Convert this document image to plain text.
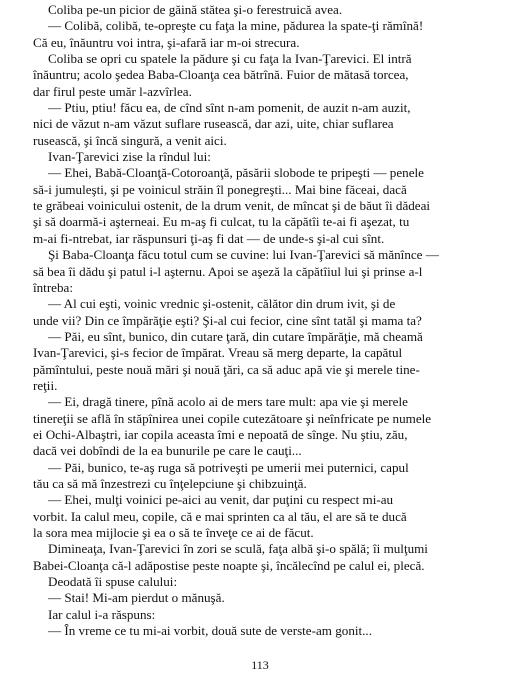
Coliba pe-un picior de găină stătea şi-o ferestruică avea.

— Colibă, colibă, te-opreşte cu faţa la mine, pădurea la spate-ţi rămînă!
Că eu, înăuntru voi intra, şi-afară iar m-oi strecura.

Coliba se opri cu spatele la pădure şi cu faţa la Ivan-Ţarevici. El intră
înăuntru; acolo şedea Baba-Cloanţa cea bătrînă. Fuior de mătasă torcea,
dar firul peste umăr l-azvîrlea.

— Ptiu, ptiu! făcu ea, de cînd sînt n-am pomenit, de auzit n-am auzit,
nici de văzut n-am văzut suflare rusească, dar azi, uite, chiar suflarea
rusească, şi încă singură, a venit aici.

Ivan-Ţarevici zise la rîndul lui:

— Ehei, Babă-Cloanţă-Cotoroanţă, păsării slobode te pripeşti — penele
să-i jumuleşti, şi pe voinicul străin îl ponegreşti... Mai bine făceai, dacă
te grăbeai voinicului ostenit, de la drum venit, de mîncat şi de băut îi dădeai
şi să doarmă-i aşterneai. Eu m-aş fi culcat, tu la căpătîi te-ai fi aşezat, tu
m-ai fi-ntrebat, iar răspunsuri ţi-aş fi dat — de unde-s şi-al cui sînt.

Şi Baba-Cloanţa făcu totul cum se cuvine: lui Ivan-Ţarevici să mănînce —
să bea îi dădu şi patul i-l aşternu. Apoi se aşeză la căpătîiul lui şi prinse a-l
întreba:

— Al cui eşti, voinic vrednic şi-ostenit, călător din drum ivit, şi de
unde vii? Din ce împărăţie eşti? Şi-al cui fecior, cine sînt tatăl şi mama ta?

— Păi, eu sînt, bunico, din cutare ţară, din cutare împărăţie, mă cheamă
Ivan-Ţarevici, şi-s fecior de împărat. Vreau să merg departe, la capătul
pămîntului, peste nouă mări şi nouă ţări, ca să aduc apă vie şi merele tine-
reţii.

— Ei, dragă tinere, pînă acolo ai de mers tare mult: apa vie şi merele
tinereţii se află în stăpînirea unei copile cutezătoare şi neînfricate pe numele
ei Ochi-Albaştri, iar copila aceasta îmi e nepoată de sînge. Nu ştiu, zău,
dacă vei dobîndi de la ea bunurile pe care le cauţi...

— Păi, bunico, te-aş ruga să potriveşti pe umerii mei puternici, capul
tău ca să mă înzestrezi cu înţelepciune şi chibzuinţă.

— Ehei, mulţi voinici pe-aici au venit, dar puţini cu respect mi-au
vorbit. Ia calul meu, copile, că e mai sprinten ca al tău, el are să te ducă
la sora mea mijlocie şi ea o să te înveţe ce ai de făcut.

Dimineaţa, Ivan-Ţarevici în zori se sculă, faţa albă şi-o spălă; îi mulţumi
Babei-Cloanţa că-l adăpostise peste noapte şi, încălecînd pe calul ei, plecă.

Deodată îi spuse calului:

— Stai! Mi-am pierdut o mănuşă.

Iar calul i-a răspuns:

— În vreme ce tu mi-ai vorbit, două sute de verste-am gonit...

113
